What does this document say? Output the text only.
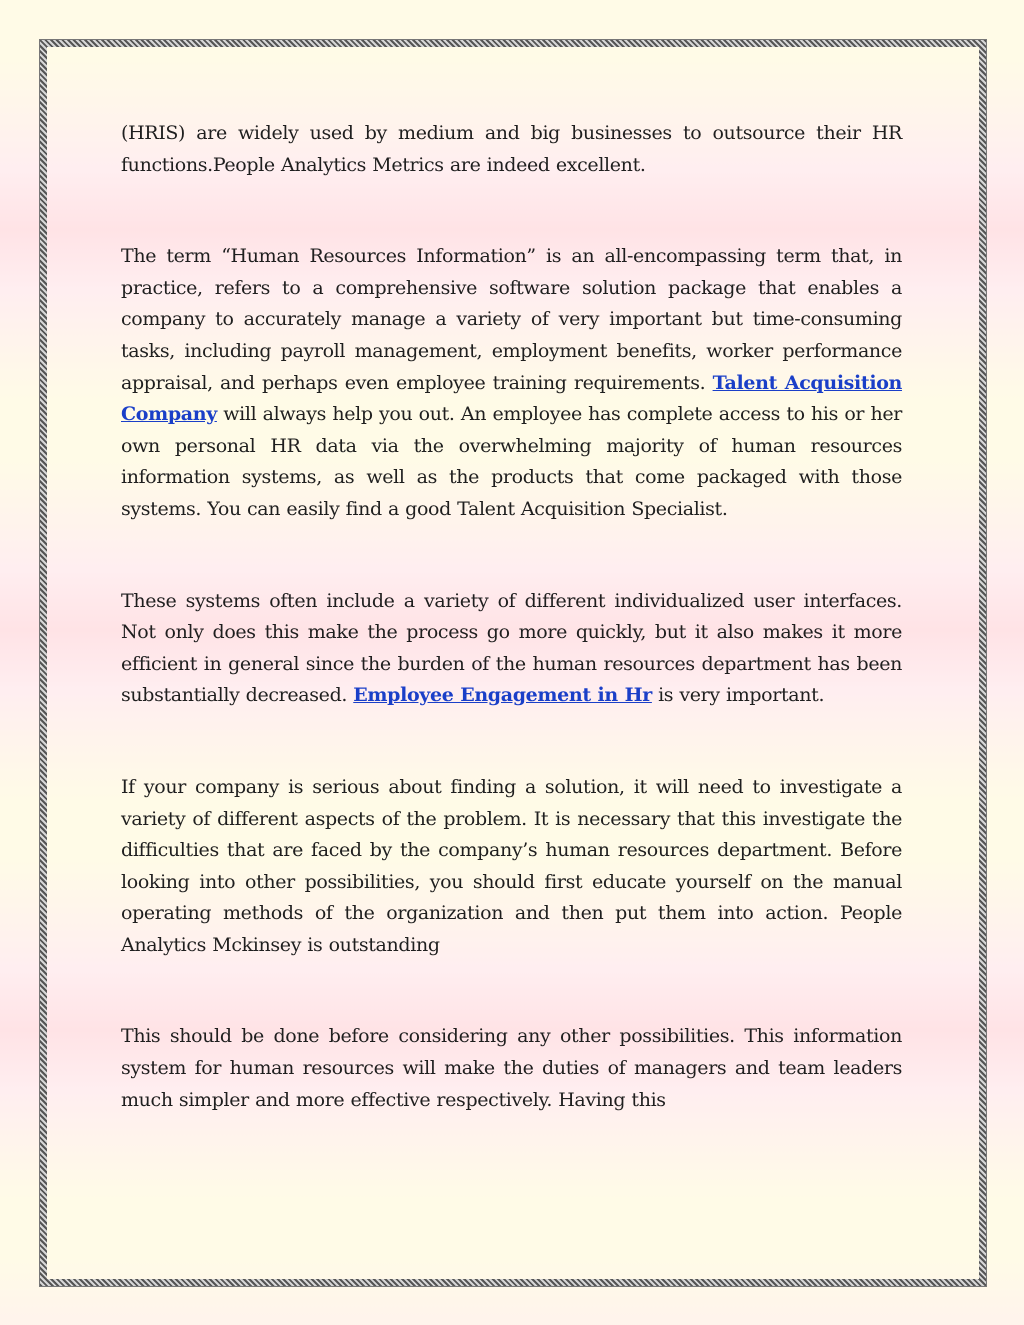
(HRIS) are widely used by medium and big businesses to outsource their HR functions.People Analytics Metrics are indeed excellent.

The term “Human Resources Information” is an all-encompassing term that, in practice, refers to a comprehensive software solution package that enables a company to accurately manage a variety of very important but time-consuming tasks, including payroll management, employment benefits, worker performance appraisal, and perhaps even employee training requirements. Talent Acquisition Company will always help you out. An employee has complete access to his or her own personal HR data via the overwhelming majority of human resources information systems, as well as the products that come packaged with those systems. You can easily find a good Talent Acquisition Specialist.

These systems often include a variety of different individualized user interfaces. Not only does this make the process go more quickly, but it also makes it more efficient in general since the burden of the human resources department has been substantially decreased. Employee Engagement in Hr is very important.

If your company is serious about finding a solution, it will need to investigate a variety of different aspects of the problem. It is necessary that this investigate the difficulties that are faced by the company’s human resources department. Before looking into other possibilities, you should first educate yourself on the manual operating methods of the organization and then put them into action. People Analytics Mckinsey is outstanding

This should be done before considering any other possibilities. This information system for human resources will make the duties of managers and team leaders much simpler and more effective respectively. Having this
